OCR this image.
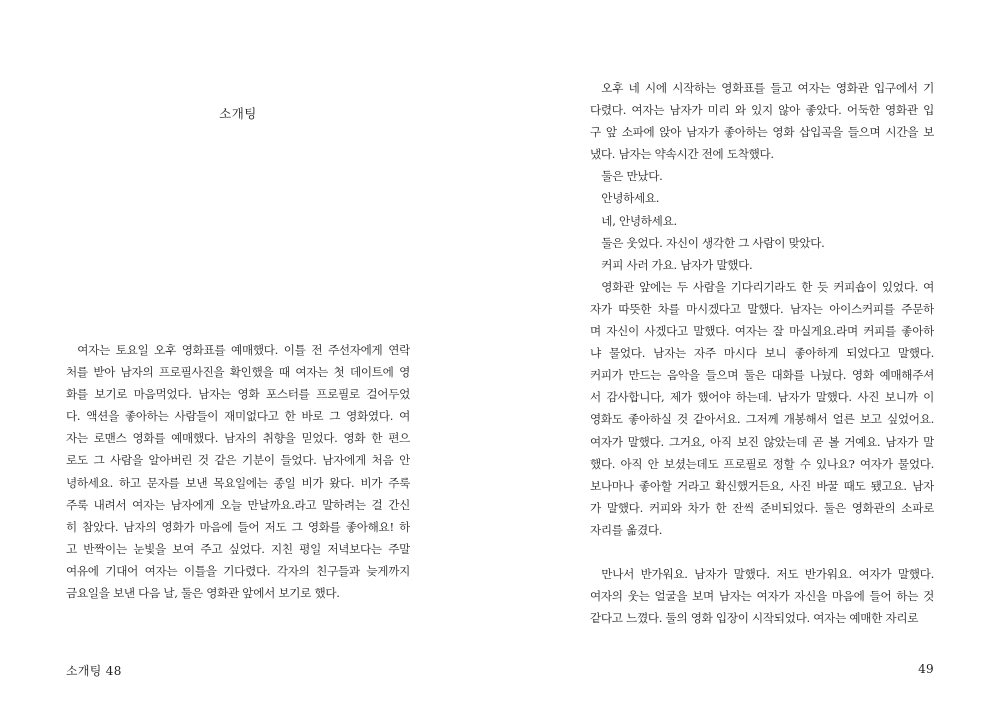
소개팅
 여자는 토요일 오후 영화표를 예매했다. 이틀 전 주선자에게 연락
처를 받아 남자의 프로필사진을 확인했을 때 여자는 첫 데이트에 영
화를 보기로 마음먹었다. 남자는 영화 포스터를 프로필로 걸어두었
다. 액션을 좋아하는 사람들이 재미없다고 한 바로 그 영화였다. 여
자는 로맨스 영화를 예매했다. 남자의 취향을 믿었다. 영화 한 편으
로도 그 사람을 알아버린 것 같은 기분이 들었다. 남자에게 처음 안
녕하세요. 하고 문자를 보낸 목요일에는 종일 비가 왔다. 비가 주룩
주룩 내려서 여자는 남자에게 오늘 만날까요.라고 말하려는 걸 간신
히 참았다. 남자의 영화가 마음에 들어 저도 그 영화를 좋아해요! 하
고 반짝이는 눈빛을 보여 주고 싶었다. 지친 평일 저녁보다는 주말
여유에 기대어 여자는 이틀을 기다렸다. 각자의 친구들과 늦게까지
금요일을 보낸 다음 날, 둘은 영화관 앞에서 보기로 했다.
소개팅 48
 오후 네 시에 시작하는 영화표를 들고 여자는 영화관 입구에서 기
다렸다. 여자는 남자가 미리 와 있지 않아 좋았다. 어둑한 영화관 입
구 앞 소파에 앉아 남자가 좋아하는 영화 삽입곡을 들으며 시간을 보
냈다. 남자는 약속시간 전에 도착했다.
 둘은 만났다.
 안녕하세요.
 네, 안녕하세요.
 둘은 웃었다. 자신이 생각한 그 사람이 맞았다.
 커피 사러 가요. 남자가 말했다.
 영화관 앞에는 두 사람을 기다리기라도 한 듯 커피숍이 있었다. 여
자가 따뜻한 차를 마시겠다고 말했다. 남자는 아이스커피를 주문하
며 자신이 사겠다고 말했다. 여자는 잘 마실게요.라며 커피를 좋아하
냐 물었다. 남자는 자주 마시다 보니 좋아하게 되었다고 말했다.
커피가 만드는 음악을 들으며 둘은 대화를 나눴다. 영화 예매해주셔
서 감사합니다, 제가 했어야 하는데. 남자가 말했다. 사진 보니까 이
영화도 좋아하실 것 같아서요. 그저께 개봉해서 얼른 보고 싶었어요.
여자가 말했다. 그거요, 아직 보진 않았는데 곧 볼 거예요. 남자가 말
했다. 아직 안 보셨는데도 프로필로 정할 수 있나요? 여자가 물었다.
보나마나 좋아할 거라고 확신했거든요, 사진 바꿀 때도 됐고요. 남자
가 말했다. 커피와 차가 한 잔씩 준비되었다. 둘은 영화관의 소파로
자리를 옮겼다.
 만나서 반가워요. 남자가 말했다. 저도 반가워요. 여자가 말했다.
여자의 웃는 얼굴을 보며 남자는 여자가 자신을 마음에 들어 하는 것
같다고 느꼈다. 둘의 영화 입장이 시작되었다. 여자는 예매한 자리로
49
